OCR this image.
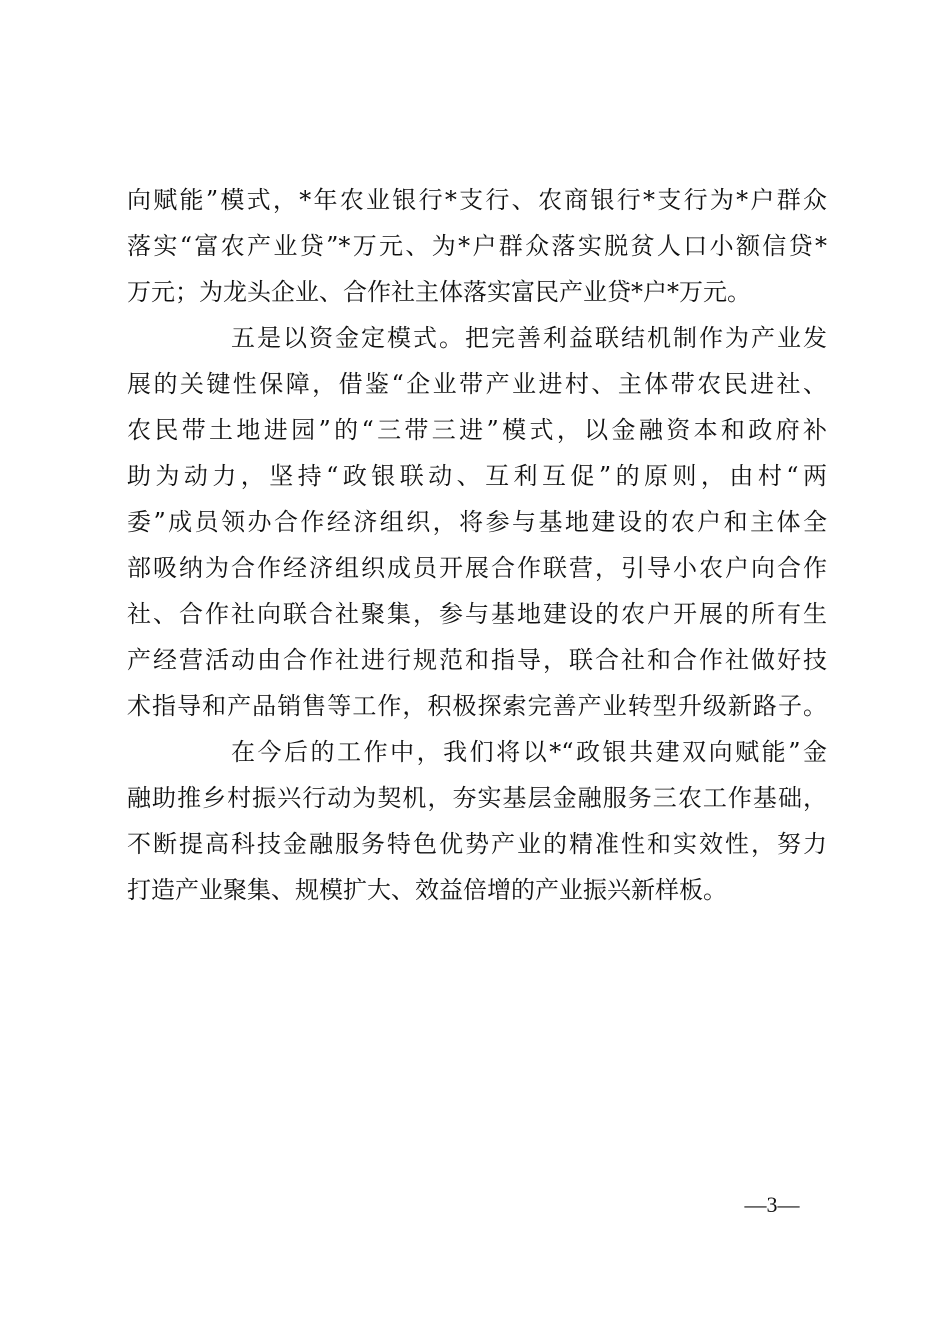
向赋能”模式，*年农业银行*支行、农商银行*支行为*户群众
落实“富农产业贷”*万元、为*户群众落实脱贫人口小额信贷*
万元；为龙头企业、合作社主体落实富民产业贷*户*万元。
五是以资金定模式。把完善利益联结机制作为产业发
展的关键性保障，借鉴“企业带产业进村、主体带农民进社、
农民带土地进园”的“三带三进”模式，以金融资本和政府补
助为动力，坚持“政银联动、互利互促”的原则，由村“两
委”成员领办合作经济组织，将参与基地建设的农户和主体全
部吸纳为合作经济组织成员开展合作联营，引导小农户向合作
社、合作社向联合社聚集，参与基地建设的农户开展的所有生
产经营活动由合作社进行规范和指导，联合社和合作社做好技
术指导和产品销售等工作，积极探索完善产业转型升级新路子。
在今后的工作中，我们将以*“政银共建双向赋能”金
融助推乡村振兴行动为契机，夯实基层金融服务三农工作基础，
不断提高科技金融服务特色优势产业的精准性和实效性，努力
打造产业聚集、规模扩大、效益倍增的产业振兴新样板。
—3—
